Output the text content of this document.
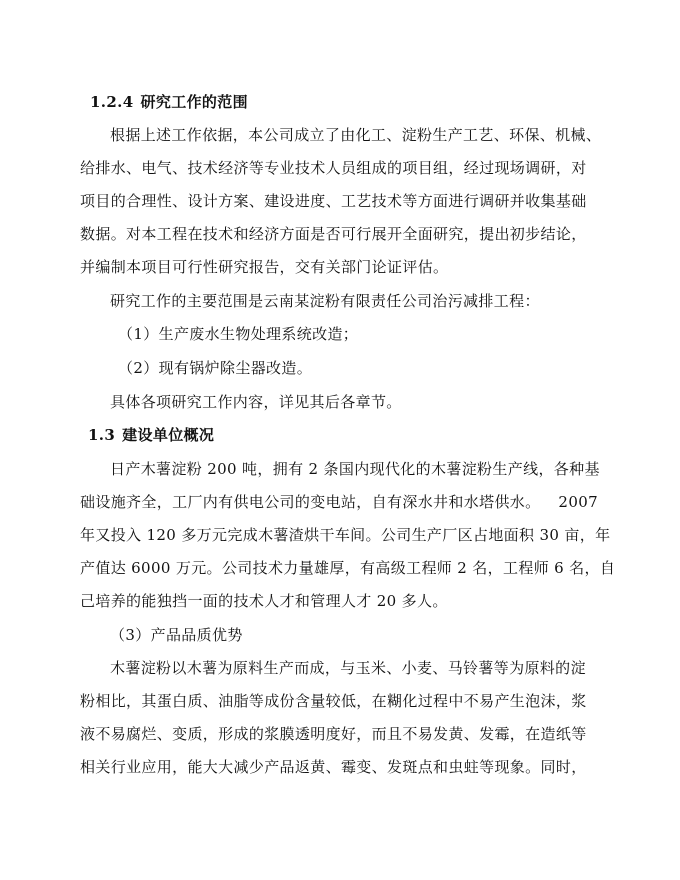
1.2.4 研究工作的范围
根据上述工作依据，本公司成立了由化工、淀粉生产工艺、环保、机械、
给排水、电气、技术经济等专业技术人员组成的项目组，经过现场调研，对
项目的合理性、设计方案、建设进度、工艺技术等方面进行调研并收集基础
数据。对本工程在技术和经济方面是否可行展开全面研究，提出初步结论，
并编制本项目可行性研究报告，交有关部门论证评估。
研究工作的主要范围是云南某淀粉有限责任公司治污减排工程：
（1）生产废水生物处理系统改造；
（2）现有锅炉除尘器改造。
具体各项研究工作内容，详见其后各章节。
1.3 建设单位概况
日产木薯淀粉 200 吨，拥有 2 条国内现代化的木薯淀粉生产线，各种基
础设施齐全，工厂内有供电公司的变电站，自有深水井和水塔供水。 2007
年又投入 120 多万元完成木薯渣烘干车间。公司生产厂区占地面积 30 亩，年
产值达 6000 万元。公司技术力量雄厚，有高级工程师 2 名，工程师 6 名，自
己培养的能独挡一面的技术人才和管理人才 20 多人。
（3）产品品质优势
木薯淀粉以木薯为原料生产而成，与玉米、小麦、马铃薯等为原料的淀
粉相比，其蛋白质、油脂等成份含量较低，在糊化过程中不易产生泡沫，浆
液不易腐烂、变质，形成的浆膜透明度好，而且不易发黄、发霉，在造纸等
相关行业应用，能大大减少产品返黄、霉变、发斑点和虫蛀等现象。同时，
